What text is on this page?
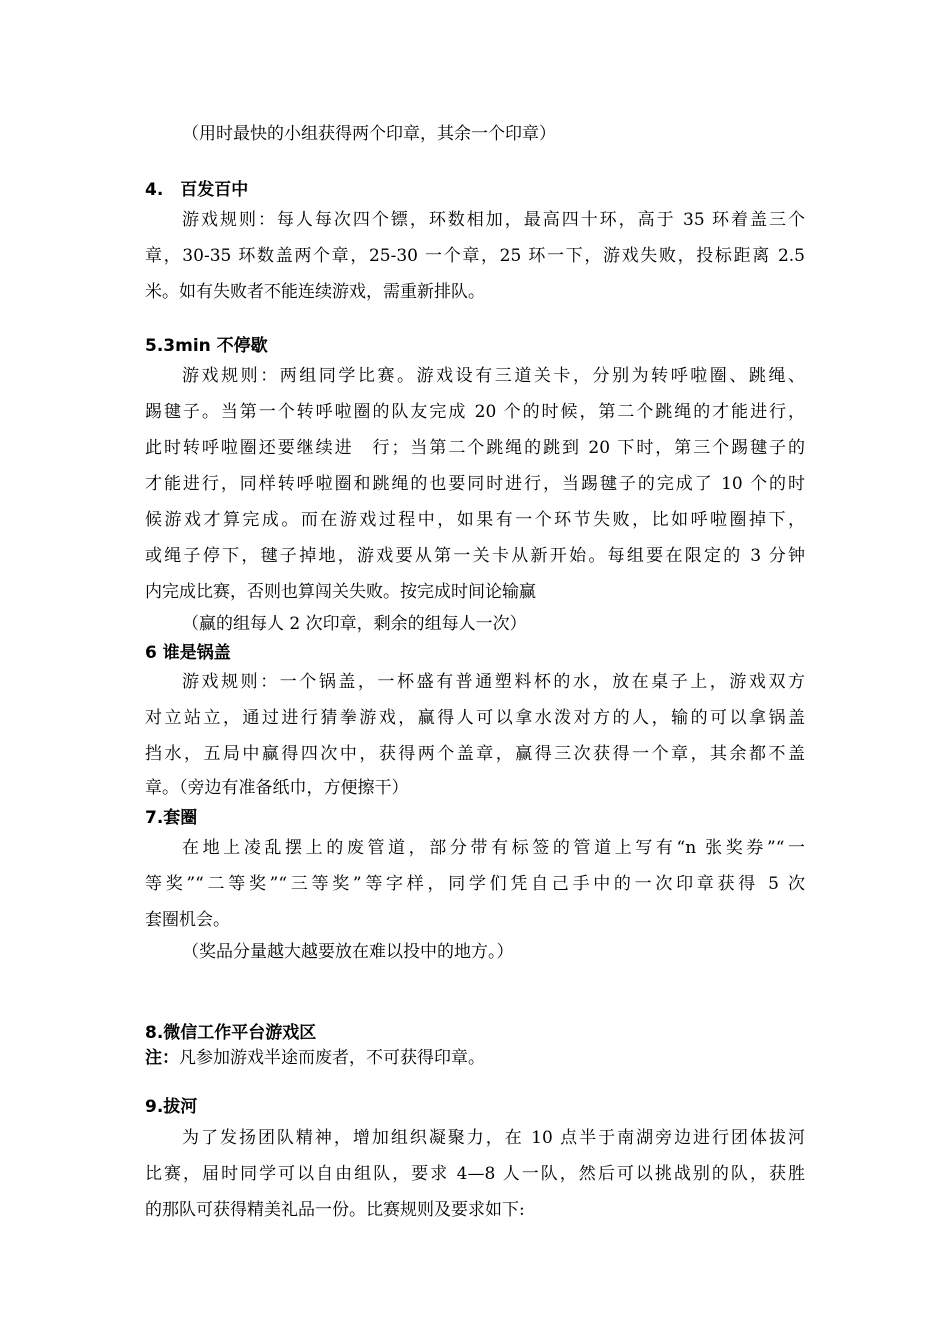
（用时最快的小组获得两个印章，其余一个印章）
4.　百发百中
游戏规则：每人每次四个镖，环数相加，最高四十环，高于 35 环着盖三个
章，30-35 环数盖两个章，25-30 一个章，25 环一下，游戏失败，投标距离 2.5
米。如有失败者不能连续游戏，需重新排队。
5.3min 不停歇
游戏规则：两组同学比赛。游戏设有三道关卡，分别为转呼啦圈、跳绳、
踢毽子。当第一个转呼啦圈的队友完成 20 个的时候，第二个跳绳的才能进行，
此时转呼啦圈还要继续进　行；当第二个跳绳的跳到 20 下时，第三个踢毽子的
才能进行，同样转呼啦圈和跳绳的也要同时进行，当踢毽子的完成了 10 个的时
候游戏才算完成。而在游戏过程中，如果有一个环节失败，比如呼啦圈掉下，
或绳子停下，毽子掉地，游戏要从第一关卡从新开始。每组要在限定的 3 分钟
内完成比赛，否则也算闯关失败。按完成时间论输赢
（赢的组每人 2 次印章，剩余的组每人一次）
6 谁是锅盖
游戏规则：一个锅盖，一杯盛有普通塑料杯的水，放在桌子上，游戏双方
对立站立，通过进行猜拳游戏，赢得人可以拿水泼对方的人，输的可以拿锅盖
挡水，五局中赢得四次中，获得两个盖章，赢得三次获得一个章，其余都不盖
章。（旁边有准备纸巾，方便擦干）
7.套圈
在地上凌乱摆上的废管道，部分带有标签的管道上写有“n 张奖券”“一
等奖”“二等奖”“三等奖”等字样，同学们凭自己手中的一次印章获得 5 次
套圈机会。
（奖品分量越大越要放在难以投中的地方。）
8.微信工作平台游戏区
注：凡参加游戏半途而废者，不可获得印章。
9.拔河
为了发扬团队精神，增加组织凝聚力，在 10 点半于南湖旁边进行团体拔河
比赛，届时同学可以自由组队，要求 4—8 人一队，然后可以挑战别的队，获胜
的那队可获得精美礼品一份。比赛规则及要求如下:
